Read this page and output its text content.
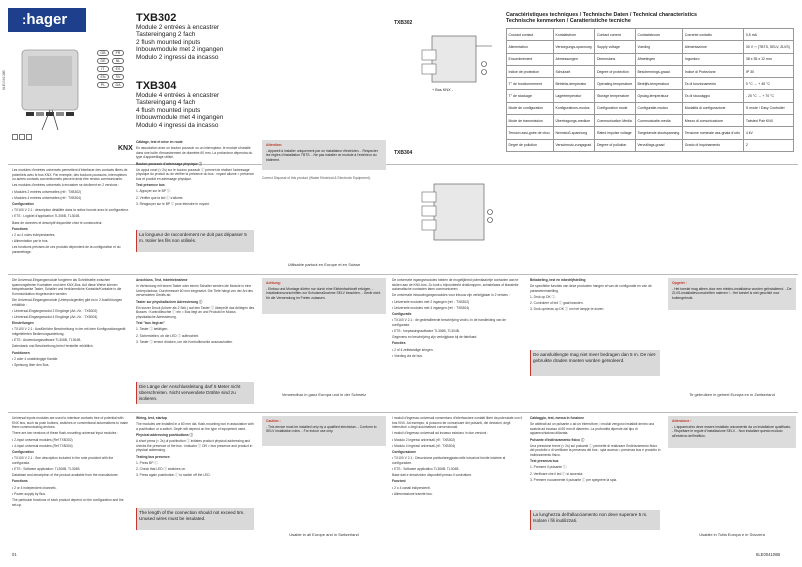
:hager
6LE004108B

KNX
GB	FR
DE	NL
IT	ES
EN	SV
PL	DA
TXB302
Module 2 entrées à encastrer
Tastereingang 2 fach
2 flush mounted inputs
Inbouwmodule met 2 ingangen
Modulo 2 ingressi da incasso
TXB304
Module 4 entrées à encastrer
Tastereingang 4 fach
4 flush mounted inputs
Inbouwmodule met 4 ingangen
Modulo 4 ingressi da incasso
TXB302
+ Bus KNX -
TXB304
Caractéristiques techniques / Technische Daten / Technical characteristics
Technische kenmerken / Caratteristiche tecniche
Courant contact	Kontaktstrom	Contact current	Contactstroom	Corrente contatto	0,5 mA
Alimentation	Versorgungs-spannung	Supply voltage	Voeding	Alimentazione	30 V ⎓ (TBTS, SELV, ZLVS)
Encombrement	Abmessungen	Dimensions	Afmetingen	Ingombro	38 x 35 x 12 mm
Indice de protection	Schutzart	Degree of protection	Beschermings-graad	Indice di Protezione	IP 30
T° de fonctionnement	Betriebs-temperatur	Operating temperature	Bedrijfs-temperatuur	Ta di funzionamento	0 °C → + 45 °C
T° de stockage	Lagertemperatur	Storage temperature	Opslag-temperatuur	Ta di stoccaggio	- 20 °C → + 70 °C
Mode de configuration	Konfigurations-modus	Configuration mode	Configuratie-modus	Modalità di configurazione	S mode / Easy Controller
Mode de transmission	Übertragungs-medium	Communication Media	Communicatie-media	Mezzo di comunicazione	Twisted Pair KNX
Tension assi-gnée de choc	Nennstoß-spannung	Rated impulse voltage	Toegekende stootspanning	Tensione nominale ass-gnata d'urto	4 kV
Degré de pollution	Verschmutz-zungsgrad	Degree of pollution	Vervuilings-graad	Grado di inquinamento	2

Les modules d'entrées universels permettent d'interfacer des contacts libres de potentiels avec le bus KNX. Par exemple, des boutons poussoirs, interrupteurs ou autres contacts conventionnels peuvent ainsi être rendus communicants.

Les modules d'entrées universels à encastrer se déclinent en 2 versions :

• Modules 2 entrées universelles (réf : TXB302)

• Modules 4 entrées universelles (réf : TXB304)

Configuration

• TX100 V 2.1 : description détaillée dans la notice fournie avec le configurateur.

• ETS : Logiciel d'application TL306B, TL304B.

Base de données et descriptif disponible chez le constructeur.

Fonctions

• 2 ou 4 voies indépendantes.

• Alimentation par le bus.

Les fonctions précises de ces produits dépendent de la configuration et du paramétrage.

Câblage, test et mise en route

En association avec un bouton poussoir ou un interrupteur, le module s'installe dans une boîte d'encastrement de diamètre 60 mm. La profondeur dépendra du type d'appareillage utilisé.

Bouton poussoir d'adressage physique ⓘ

Un appui court (< 2s) sur le bouton poussoir ⓘ permet de réaliser l'adressage physique du produit ou de vérifier la présence du bus : voyant allumé = présence bus et produit en adressage physique.

Test présence bus

1. Appuyer sur le BP ⓘ.

2. Vérifier que la led ⓘ s'allume.

3. Réappuyer sur le BP ⓘ pour éteindre le voyant.

La longueur de raccordement ne doit pas dépasser 5 m. Isoler les fils non utilisés.
Attention:
- Appareil à installer uniquement par un installateur électricien. - Respecter les règles d'installation TBTS. - Ne pas installer ce module à l'extérieur du bâtiment.
Correct Disposal of this product (Waste Electrical & Electronic Equipment).
Utilisable partout en Europe et en Suisse

Die Universal-Eingangsmodule fungieren als Schnittstelle zwischen spannungsfreien Kontakten und dem KNX-Bus. Auf diese Weise können beispielsweise Taster, Schalter und herkömmliche Kontakte/Kontakte in die Kommunikation eingebunden werden.

Die Universal-Eingangsmodule (Unterputzgeräte) gibt es in 2 Ausführungen erhältlich :

• Universal-Eingangsmodul 2 Eingänge (Art.-Nr. : TXB302)

• Universal-Eingangsmodul 4 Eingänge (Art.-Nr. : TXB304)

Einstellungen

• TX100 V 2.1 : Ausführliche Beschreibung in der mit dem Konfigurationsgerät mitgelieferten Bedienungsanleitung.

• ETS : Anwendungssoftware TL306B, TL304B.

Datenbank und Beschreibung beim Hersteller erhältlich.

Funktionen

• 2 oder 4 unabhängige Kanäle.

• Speisung über den Bus.

Anschluss, Test, Inbetriebnahme

In Verbindung mit einem Taster oder einem Schalter werden die Module in eine Unterputzdose, Durchmesser 60 mm eingesetzt. Die Tiefe hängt von der Art des verwendeten Geräts ab.

Taster zur physikalischen Adressierung ⓘ

Ein kurzer Druck (kürzer als 2 Sek.) auf den Taster ⓘ überprüft das Anliegen des Busses : Kontrollleuchte ⓘ ein = Bus liegt an und Produkt im Modus physikalische Adressierung.

Test "bus liegt an"

1. Taster ⓘ betätigen.

2. Sicherstellen, ob die LED ⓘ aufleuchtet.

3. Taster ⓘ erneut drücken, um die Kontrollleuchte auszuschalten.

Die Länge der Anschlussleitung darf 5 Meter nicht überschreiten. Nicht verwendete Drähte sind zu isolieren.
Achtung:
- Einbau und Montage dürfen nur durch eine Elektrofachkraft erfolgen. - Installationsvorschriften zur Schutzmaßnahme SELV beachten. - Gerät nicht für die Verwendung im Freien zulassen.
Verwendbar in ganz Europa und in der Schweiz

De universele ingangsmodules bieden de mogelijkheid potentiaalvrije contacten aan te sluiten aan de KNX-bus. Zo kunt u bijvoorbeeld drukknoppen, schakelaars of klassieke automatische contacten laten communiceren.

De universele inbouwingangsmodules voor inbouw zijn verkrijgbaar in 2 versies :

• Universele modules met 2 ingangen (ref. : TXB302)

• Universele modules met 4 ingangen (ref. : TXB304)

Configuratie

• TX100 V 2.1 : de gedetailleerde beschrijving vindt u in de handleiding van de configurator.

• ETS : toepassingssoftware TL306B, TL304B.

Gegevens en beschrijving zijn verkrijgbaar bij de fabrikant.

Functies

• 2 of 4 zelfstandige kringen.

• Voeding via de bus.

Bekabeling, test en inbedrijfstelling

De specifieke functies van deze producten hangen af van de configuratie en van de parameterinstelling.

1. Druk op DK ⓘ.

2. Controleer of led ⓘ gaat branden.

3. Druk opnieuw op DK ⓘ om het lampje te doven.

De aansluitlengte mag niet meer bedragen dan 5 m. De niet-gebruikte draden moeten worden geïsoleerd.
Opgelet :
- Het toestel mag alleen door een elektro-installateur worden geïnstalleerd. - De ZLVS-installatievoorschriften naleven ! - Het toestel is niet geschikt voor buitengebruik.
Te gebruiken in geheel Europa en in Zwitserland

Universal inputs modules are used to interface contacts free of potential with KNX bus, such as push buttons, switches or conventional automatisms to make them communicating devices.

There are two versions of these flush-mounting universal input modules :

• 2-input universal modules (Ref TXB302)

• 4-input universal modules (Ref TXB304)

Configuration

• TX100 V 2.1 : See description included in the note provided with the configurator.

• ETS : Software application: TL306B, TL304B.

Database and description of the product available from the manufacturer.

Functions

• 2 or 4 independent channels.

• Power-supply by Bus.

The particular functions of each product depend on the configuration and the set-up.

Wiring, test, startup

The modules are installed in a 60 mm dia. flush-mounting box in association with a pushbutton or a switch. Depth will depend on the type of equipment used.

Physical addressing pushbuttons ⓘ

A short press (< 2s) of pushbutton ⓘ initiates product physical addressing and checks the presence of the bus : indicator ⓘ ON = bus presence and product in physical addressing.

Testing bus presence

1. Press BP ⓘ.

2. Check that LED ⓘ switches on.

3. Press again pushbutton ⓘ to switch off the LED.

The length of the connection should not exceed 5m. Unused wires must be insulated.
Caution :
- This device must be installed only by a qualified electrician. - Conform to SELV installation rules. - For indoor use only.
Usable in all Europe and in Switzerland

I moduli d'ingresso universali consentono d'interfacciare contatti liberi da potenziale con il bus KNX. Ad esempio, si possono far comunicare dei pulsanti, dei deviatori, degli interruttori o degli automatismi convenzionali.

I moduli d'ingresso universali ad incasso esistono in due versioni :

• Modulo 2 ingressi universali (rif : TXB302)

• Modulo 4 ingressi universali (rif : TXB304)

Configurazione

• TX100 V 2.1 : Descrizione particolareggiata nelle istruzioni fornite insieme al configuratore.

• ETS : Software applicativo TL306B, TL304B.

Base dati e descrizione disponibili presso il costruttore.

Funzioni

• 2 o 4 canali indipendenti.

• Alimentazione tramite bus.

Cablaggio, test, messa in funzione

Se abbinati ad un pulsante o ad un interruttore, i moduli vengono installati dentro una scatola ad incasso di 60 mm di diametro. La profondità dipende dal tipo di apparecchiatura utilizzata.

Pulsante d'indirizzamento fisico ⓘ

Una pressione breve (< 2s) sul pulsante ⓘ permette di realizzare l'indirizzamento fisico del prodotto o di verificare la presenza del bus : spia accesa = presenza bus e prodotto in indirizzamento fisico.

Test presenza bus

1. Premere il pulsante ⓘ.

2. Verificare che il led ⓘ si accenda.

3. Premere nuovamente il pulsante ⓘ per spegnere la spia.

La lunghezza dell'allacciamento non deve superare 5 m. Isolare i fili inutilizzati.
Attenzione :
- L'apparecchio deve essere installato unicamente da un installatore qualificato. - Rispettare le regole d'installazione SELV. - Non installare questo modulo all'esterno dell'edificio.
Usabile in Tutta Europa e in Svizzera
01	6LE004108B
